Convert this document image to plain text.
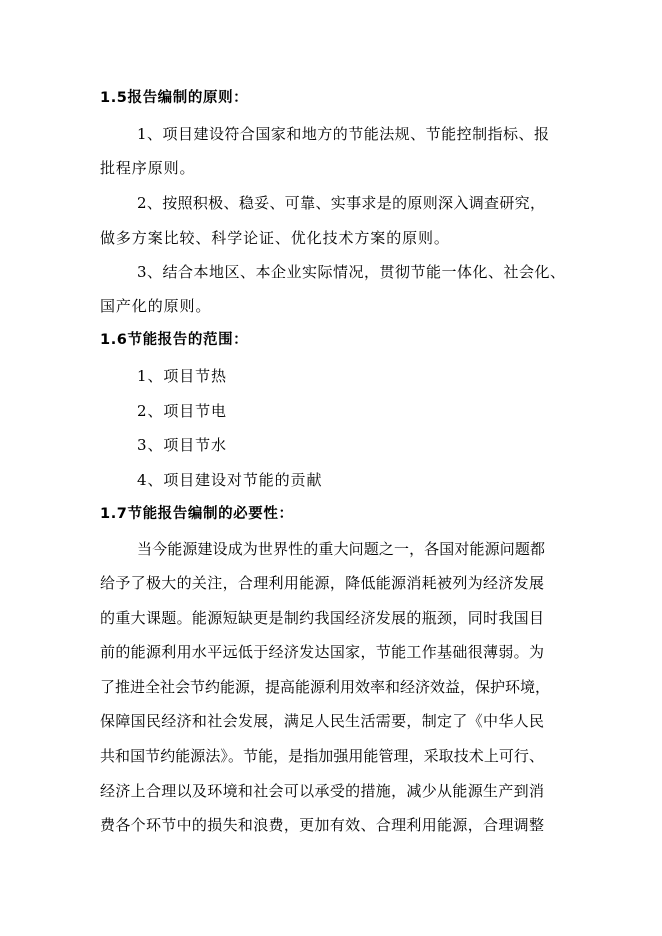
1.5报告编制的原则：
1、项目建设符合国家和地方的节能法规、节能控制指标、报
批程序原则。
2、按照积极、稳妥、可靠、实事求是的原则深入调查研究，
做多方案比较、科学论证、优化技术方案的原则。
3、结合本地区、本企业实际情况，贯彻节能一体化、社会化、
国产化的原则。
1.6节能报告的范围：
1、项目节热
2、项目节电
3、项目节水
4、项目建设对节能的贡献
1.7节能报告编制的必要性：
当今能源建设成为世界性的重大问题之一，各国对能源问题都
给予了极大的关注，合理利用能源，降低能源消耗被列为经济发展
的重大课题。能源短缺更是制约我国经济发展的瓶颈，同时我国目
前的能源利用水平远低于经济发达国家，节能工作基础很薄弱。为
了推进全社会节约能源，提高能源利用效率和经济效益，保护环境，
保障国民经济和社会发展，满足人民生活需要，制定了《中华人民
共和国节约能源法》。节能，是指加强用能管理，采取技术上可行、
经济上合理以及环境和社会可以承受的措施，减少从能源生产到消
费各个环节中的损失和浪费，更加有效、合理利用能源，合理调整
